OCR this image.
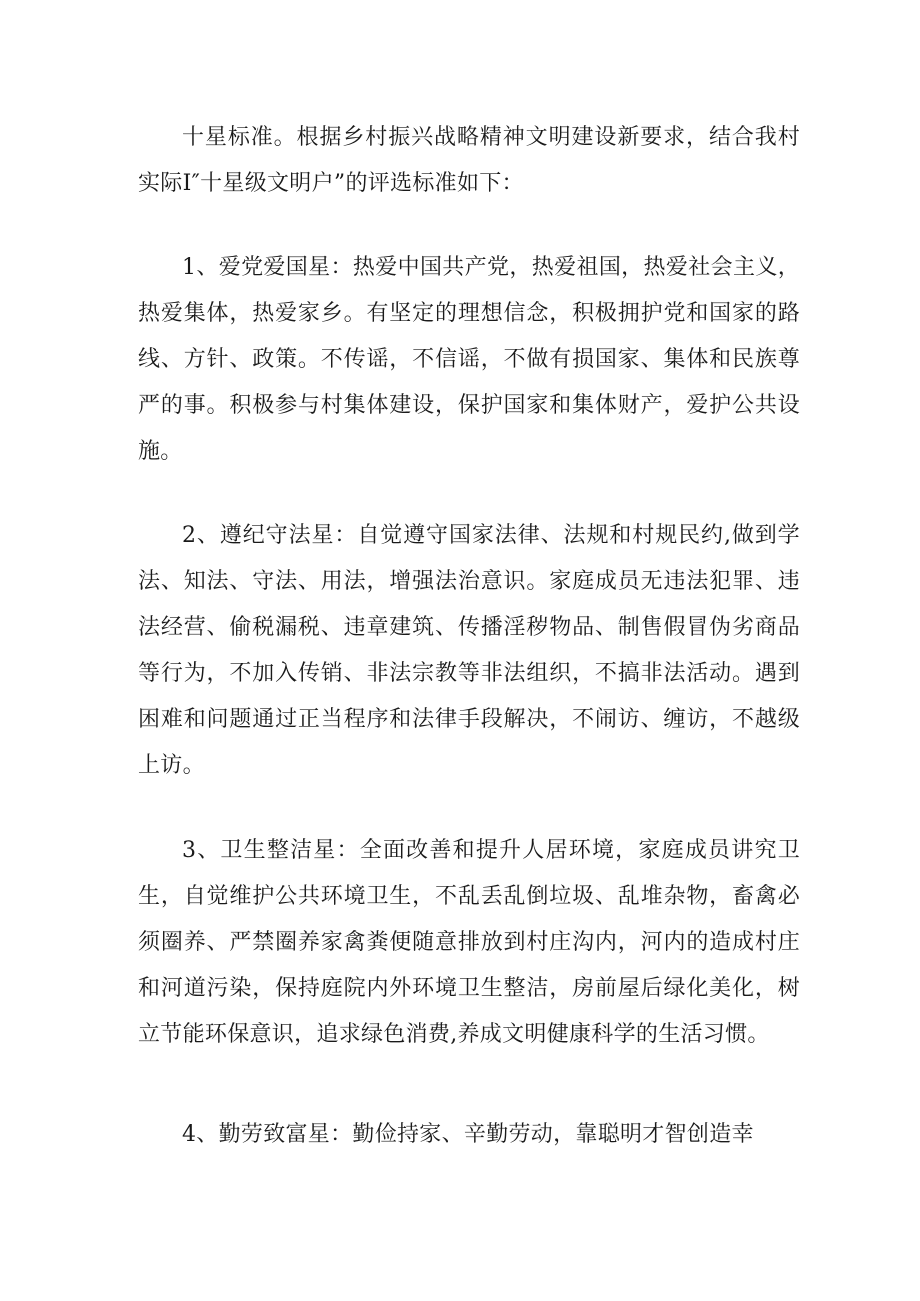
十星标准。根据乡村振兴战略精神文明建设新要求，结合我村实际I″十星级文明户”的评选标准如下：

1、爱党爱国星：热爱中国共产党，热爱祖国，热爱社会主义，热爱集体，热爱家乡。有坚定的理想信念，积极拥护党和国家的路线、方针、政策。不传谣，不信谣，不做有损国家、集体和民族尊严的事。积极参与村集体建设，保护国家和集体财产，爱护公共设施。

2、遵纪守法星：自觉遵守国家法律、法规和村规民约,做到学法、知法、守法、用法，增强法治意识。家庭成员无违法犯罪、违法经营、偷税漏税、违章建筑、传播淫秽物品、制售假冒伪劣商品等行为，不加入传销、非法宗教等非法组织，不搞非法活动。遇到困难和问题通过正当程序和法律手段解决，不闹访、缠访，不越级上访。

3、卫生整洁星：全面改善和提升人居环境，家庭成员讲究卫生，自觉维护公共环境卫生，不乱丢乱倒垃圾、乱堆杂物，畜禽必须圈养、严禁圈养家禽粪便随意排放到村庄沟内，河内的造成村庄和河道污染，保持庭院内外环境卫生整洁，房前屋后绿化美化，树立节能环保意识，追求绿色消费,养成文明健康科学的生活习惯。

4、勤劳致富星：勤俭持家、辛勤劳动，靠聪明才智创造幸
